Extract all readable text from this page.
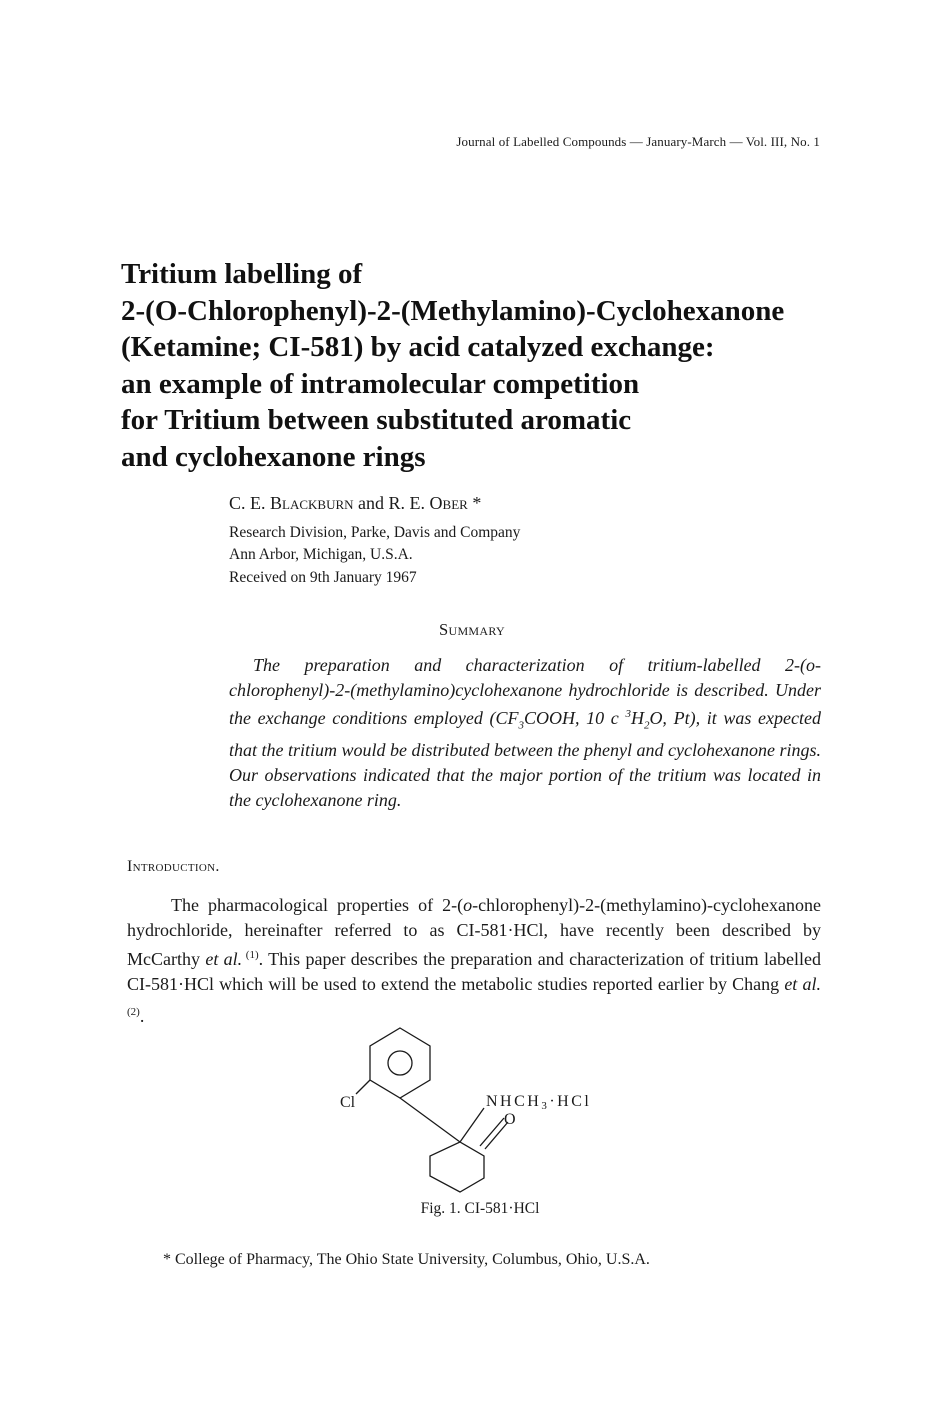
Journal of Labelled Compounds — January-March — Vol. III, No. 1
Tritium labelling of
2-(O-Chlorophenyl)-2-(Methylamino)-Cyclohexanone
(Ketamine; CI-581) by acid catalyzed exchange:
an example of intramolecular competition
for Tritium between substituted aromatic
and cyclohexanone rings
C. E. Blackburn and R. E. Ober *
Research Division, Parke, Davis and Company
Ann Arbor, Michigan, U.S.A.
Received on 9th January 1967
Summary
The preparation and characterization of tritium-labelled 2-(o-chlorophenyl)-2-(methylamino)cyclohexanone hydrochloride is described. Under the exchange conditions employed ($CF_3COOH$, 10 c $^3H_2O$, Pt), it was expected that the tritium would be distributed between the phenyl and cyclohexanone rings. Our observations indicated that the major portion of the tritium was located in the cyclohexanone ring.
Introduction.
The pharmacological properties of 2-(o-chlorophenyl)-2-(methylamino)-cyclohexanone hydrochloride, hereinafter referred to as CI-581·HCl, have recently been described by McCarthy et al. $^{(1)}$. This paper describes the preparation and characterization of tritium labelled CI-581·HCl which will be used to extend the metabolic studies reported earlier by Chang et al. $^{(2)}$.
Cl	NHCH3·HCl
O
Fig. 1. CI-581·HCl
* College of Pharmacy, The Ohio State University, Columbus, Ohio, U.S.A.
